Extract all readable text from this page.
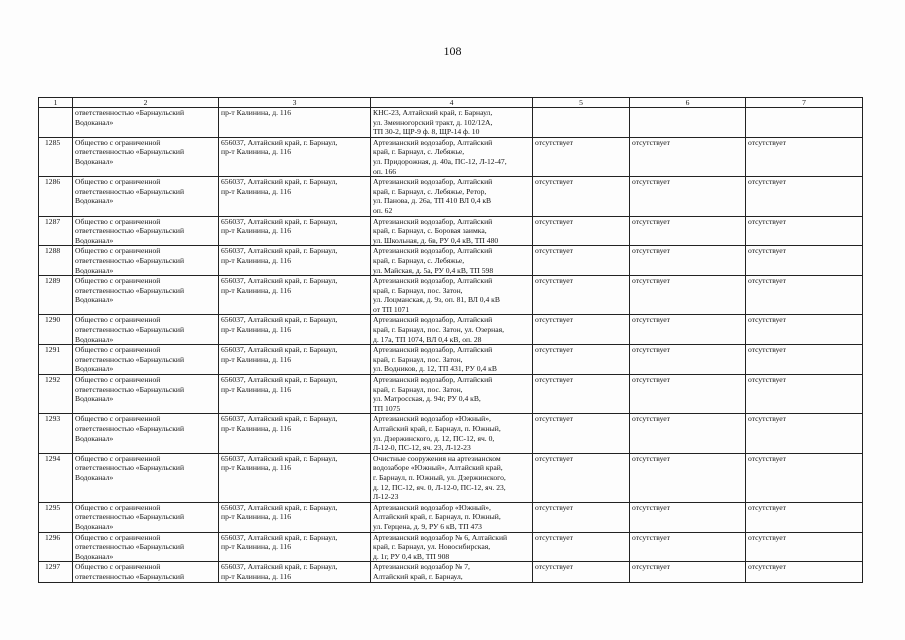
108
1	2	3	4	5	6	7

	ответственностью «Барнаульский
Водоканал»	пр-т Калинина, д. 116	КНС-23, Алтайский край, г. Барнаул,
ул. Змеиногорский тракт, д. 102/12А,
ТП 30-2, ЩР-9 ф. 8, ЩР-14 ф. 10			

1285	Общество с ограниченной
ответственностью «Барнаульский
Водоканал»	656037, Алтайский край, г. Барнаул,
пр-т Калинина, д. 116	Артезианский водозабор, Алтайский
край, г. Барнаул, с. Лебяжье,
ул. Придорожная, д. 40а, ПС-12, Л-12-47,
оп. 166	отсутствует	отсутствует	отсутствует

1286	Общество с ограниченной
ответственностью «Барнаульский
Водоканал»	656037, Алтайский край, г. Барнаул,
пр-т Калинина, д. 116	Артезианский водозабор, Алтайский
край, г. Барнаул, с. Лебяжье, Ретор,
ул. Панова, д. 26а, ТП 410 ВЛ 0,4 кВ
оп. 62	отсутствует	отсутствует	отсутствует

1287	Общество с ограниченной
ответственностью «Барнаульский
Водоканал»	656037, Алтайский край, г. Барнаул,
пр-т Калинина, д. 116	Артезианский водозабор, Алтайский
край, г. Барнаул, с. Боровая заимка,
ул. Школьная, д. 6в, РУ 0,4 кВ, ТП 480	отсутствует	отсутствует	отсутствует

1288	Общество с ограниченной
ответственностью «Барнаульский
Водоканал»	656037, Алтайский край, г. Барнаул,
пр-т Калинина, д. 116	Артезианский водозабор, Алтайский
край, г. Барнаул, с. Лебяжье,
ул. Майская, д. 5а, РУ 0,4 кВ, ТП 598	отсутствует	отсутствует	отсутствует

1289	Общество с ограниченной
ответственностью «Барнаульский
Водоканал»	656037, Алтайский край, г. Барнаул,
пр-т Калинина, д. 116	Артезианский водозабор, Алтайский
край, г. Барнаул, пос. Затон,
ул. Лоцманская, д. 9з, оп. 81, ВЛ 0,4 кВ
от ТП 1071	отсутствует	отсутствует	отсутствует

1290	Общество с ограниченной
ответственностью «Барнаульский
Водоканал»	656037, Алтайский край, г. Барнаул,
пр-т Калинина, д. 116	Артезианский водозабор, Алтайский
край, г. Барнаул, пос. Затон, ул. Озерная,
д. 17а, ТП 1074, ВЛ 0,4 кВ, оп. 28	отсутствует	отсутствует	отсутствует

1291	Общество с ограниченной
ответственностью «Барнаульский
Водоканал»	656037, Алтайский край, г. Барнаул,
пр-т Калинина, д. 116	Артезианский водозабор, Алтайский
край, г. Барнаул, пос. Затон,
ул. Водников, д. 12, ТП 431, РУ 0,4 кВ	отсутствует	отсутствует	отсутствует

1292	Общество с ограниченной
ответственностью «Барнаульский
Водоканал»	656037, Алтайский край, г. Барнаул,
пр-т Калинина, д. 116	Артезианский водозабор, Алтайский
край, г. Барнаул, пос. Затон,
ул. Матросская, д. 94г, РУ 0,4 кВ,
ТП 1075	отсутствует	отсутствует	отсутствует

1293	Общество с ограниченной
ответственностью «Барнаульский
Водоканал»	656037, Алтайский край, г. Барнаул,
пр-т Калинина, д. 116	Артезианский водозабор «Южный»,
Алтайский край, г. Барнаул, п. Южный,
ул. Дзержинского, д. 12, ПС-12, яч. 0,
Л-12-0, ПС-12, яч. 23, Л-12-23	отсутствует	отсутствует	отсутствует

1294	Общество с ограниченной
ответственностью «Барнаульский
Водоканал»	656037, Алтайский край, г. Барнаул,
пр-т Калинина, д. 116	Очистные сооружения на артезианском
водозаборе «Южный», Алтайский край,
г. Барнаул, п. Южный, ул. Дзержинского,
д. 12, ПС-12, яч. 0, Л-12-0, ПС-12, яч. 23,
Л-12-23	отсутствует	отсутствует	отсутствует

1295	Общество с ограниченной
ответственностью «Барнаульский
Водоканал»	656037, Алтайский край, г. Барнаул,
пр-т Калинина, д. 116	Артезианский водозабор «Южный»,
Алтайский край, г. Барнаул, п. Южный,
ул. Герцена, д. 9, РУ 6 кВ, ТП 473	отсутствует	отсутствует	отсутствует

1296	Общество с ограниченной
ответственностью «Барнаульский
Водоканал»	656037, Алтайский край, г. Барнаул,
пр-т Калинина, д. 116	Артезианский водозабор № 6, Алтайский
край, г. Барнаул, ул. Новосибирская,
д. 1г, РУ 0,4 кВ, ТП 908	отсутствует	отсутствует	отсутствует

1297	Общество с ограниченной
ответственностью «Барнаульский	656037, Алтайский край, г. Барнаул,
пр-т Калинина, д. 116	Артезианский водозабор № 7,
Алтайский край, г. Барнаул,	отсутствует	отсутствует	отсутствует
